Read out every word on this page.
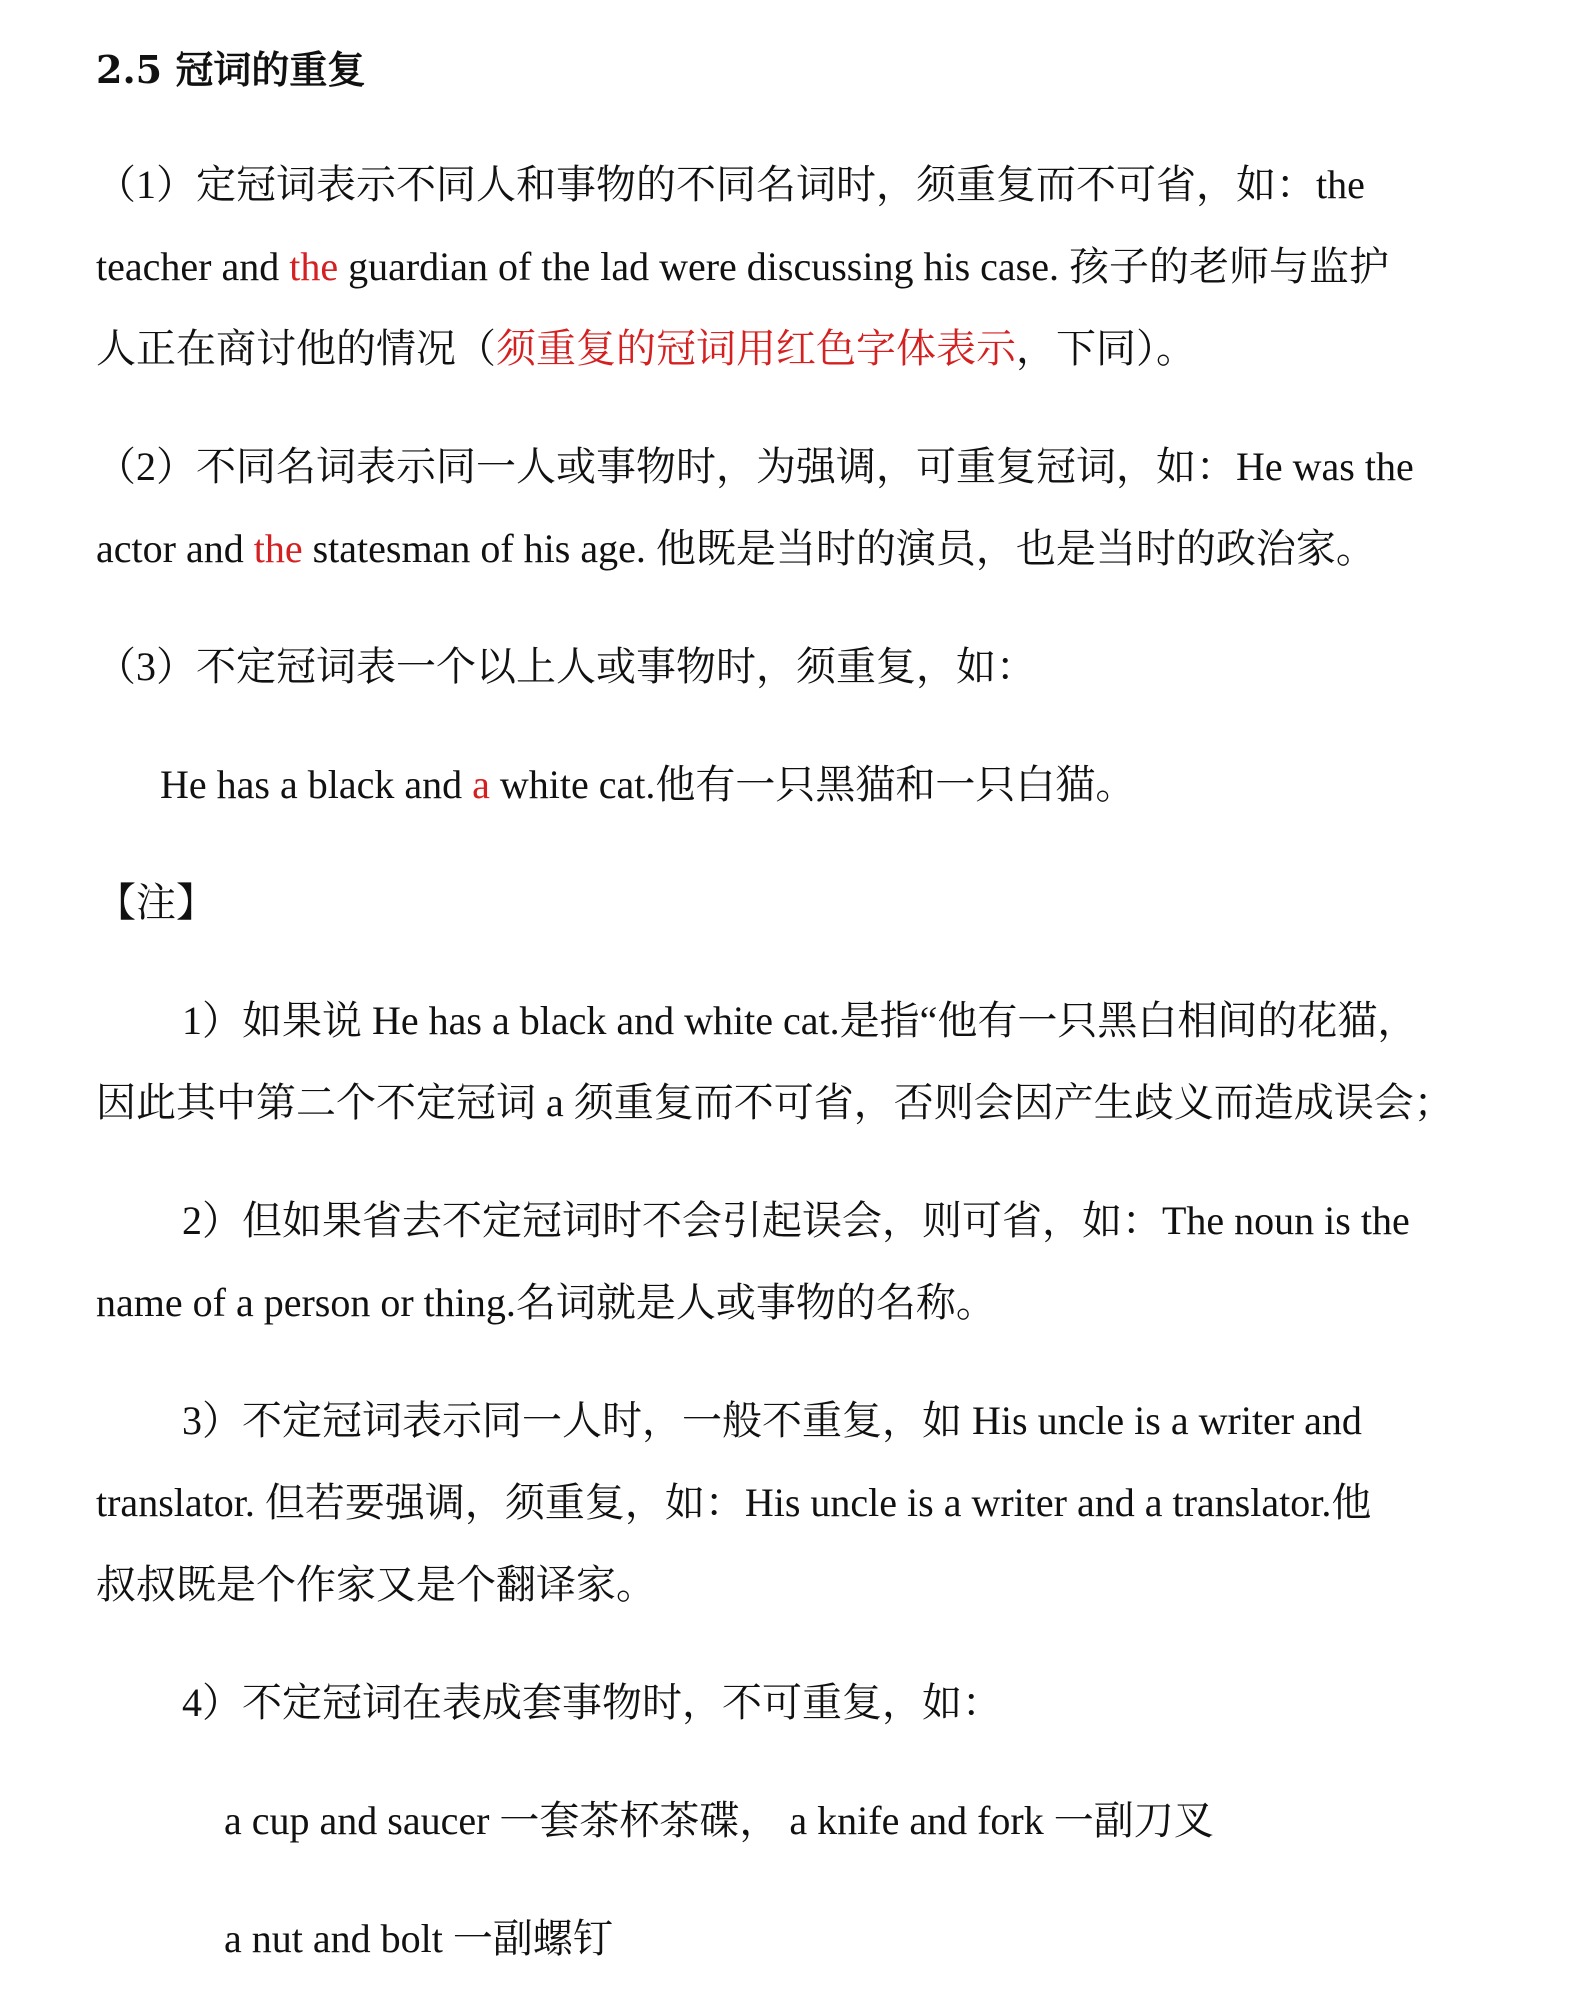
2.5 冠词的重复
（1）定冠词表示不同人和事物的不同名词时，须重复而不可省，如：the
teacher and the guardian of the lad were discussing his case. 孩子的老师与监护
人正在商讨他的情况（须重复的冠词用红色字体表示，下同）。
（2）不同名词表示同一人或事物时，为强调，可重复冠词，如：He was the
actor and the statesman of his age. 他既是当时的演员，也是当时的政治家。
（3）不定冠词表一个以上人或事物时，须重复，如：
He has a black and a white cat.他有一只黑猫和一只白猫。
【注】
1）如果说 He has a black and white cat.是指“他有一只黑白相间的花猫，
因此其中第二个不定冠词 a 须重复而不可省，否则会因产生歧义而造成误会；
2）但如果省去不定冠词时不会引起误会，则可省，如：The noun is the
name of a person or thing.名词就是人或事物的名称。
3）不定冠词表示同一人时，一般不重复，如 His uncle is a writer and
translator. 但若要强调，须重复，如：His uncle is a writer and a translator.他
叔叔既是个作家又是个翻译家。
4）不定冠词在表成套事物时，不可重复，如：
a cup and saucer 一套茶杯茶碟， a knife and fork 一副刀叉
a nut and bolt 一副螺钉
